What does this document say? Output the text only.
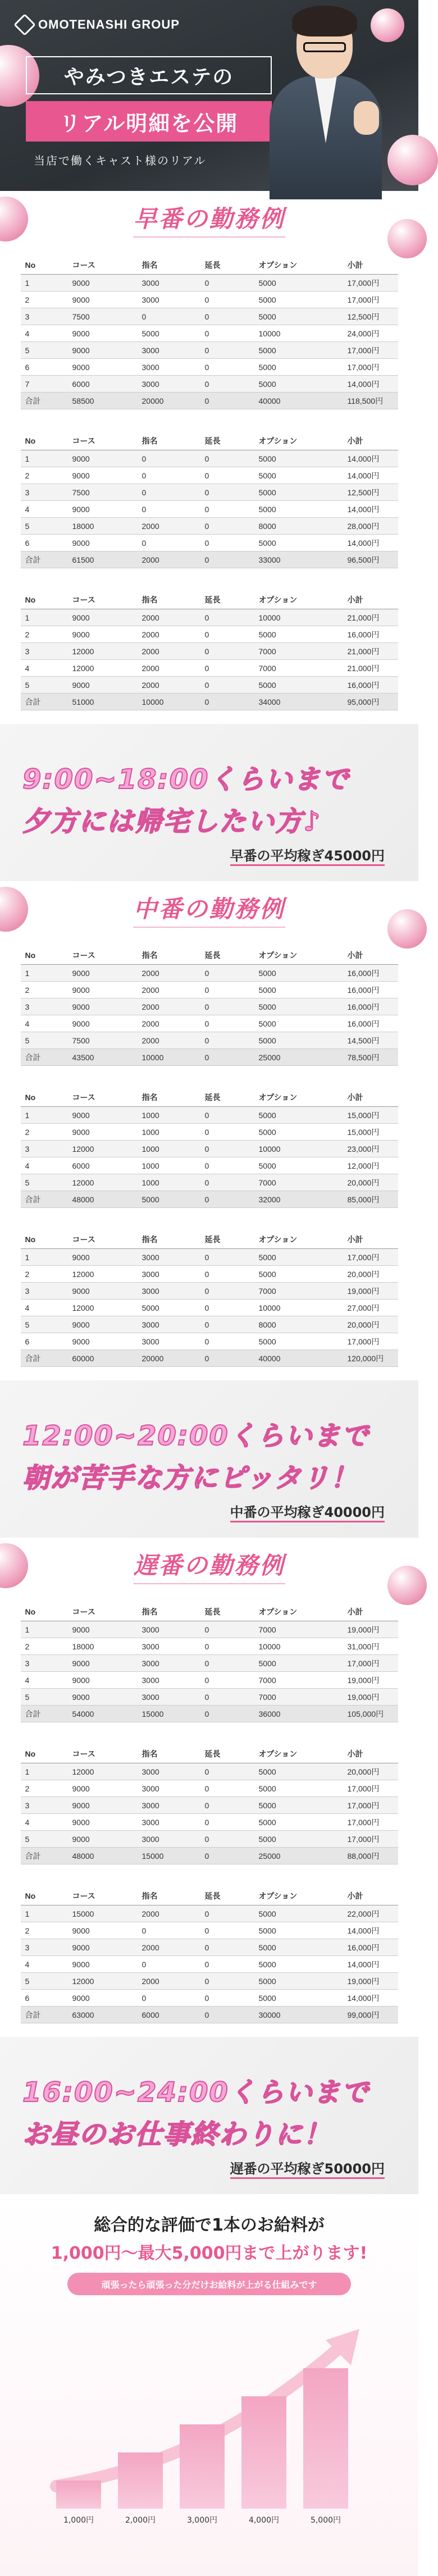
OMOTENASHI GROUP
やみつきエステの
リアル明細を公開
当店で働くキャスト様のリアル
早番の勤務例
No	コース	指名	延長	オプション	小計
1	9000	3000	0	5000	17,000円
2	9000	3000	0	5000	17,000円
3	7500	0	0	5000	12,500円
4	9000	5000	0	10000	24,000円
5	9000	3000	0	5000	17,000円
6	9000	3000	0	5000	17,000円
7	6000	3000	0	5000	14,000円
合計	58500	20000	0	40000	118,500円
No	コース	指名	延長	オプション	小計
1	9000	0	0	5000	14,000円
2	9000	0	0	5000	14,000円
3	7500	0	0	5000	12,500円
4	9000	0	0	5000	14,000円
5	18000	2000	0	8000	28,000円
6	9000	0	0	5000	14,000円
合計	61500	2000	0	33000	96,500円
No	コース	指名	延長	オプション	小計
1	9000	2000	0	10000	21,000円
2	9000	2000	0	5000	16,000円
3	12000	2000	0	7000	21,000円
4	12000	2000	0	7000	21,000円
5	9000	2000	0	5000	16,000円
合計	51000	10000	0	34000	95,000円
9:00~18:00くらいまで
夕方には帰宅したい方♪
早番の平均稼ぎ45000円
中番の勤務例
No	コース	指名	延長	オプション	小計
1	9000	2000	0	5000	16,000円
2	9000	2000	0	5000	16,000円
3	9000	2000	0	5000	16,000円
4	9000	2000	0	5000	16,000円
5	7500	2000	0	5000	14,500円
合計	43500	10000	0	25000	78,500円
No	コース	指名	延長	オプション	小計
1	9000	1000	0	5000	15,000円
2	9000	1000	0	5000	15,000円
3	12000	1000	0	10000	23,000円
4	6000	1000	0	5000	12,000円
5	12000	1000	0	7000	20,000円
合計	48000	5000	0	32000	85,000円
No	コース	指名	延長	オプション	小計
1	9000	3000	0	5000	17,000円
2	12000	3000	0	5000	20,000円
3	9000	3000	0	7000	19,000円
4	12000	5000	0	10000	27,000円
5	9000	3000	0	8000	20,000円
6	9000	3000	0	5000	17,000円
合計	60000	20000	0	40000	120,000円
12:00~20:00くらいまで
朝が苦手な方にピッタリ！
中番の平均稼ぎ40000円
遅番の勤務例
No	コース	指名	延長	オプション	小計
1	9000	3000	0	7000	19,000円
2	18000	3000	0	10000	31,000円
3	9000	3000	0	5000	17,000円
4	9000	3000	0	7000	19,000円
5	9000	3000	0	7000	19,000円
合計	54000	15000	0	36000	105,000円
No	コース	指名	延長	オプション	小計
1	12000	3000	0	5000	20,000円
2	9000	3000	0	5000	17,000円
3	9000	3000	0	5000	17,000円
4	9000	3000	0	5000	17,000円
5	9000	3000	0	5000	17,000円
合計	48000	15000	0	25000	88,000円
No	コース	指名	延長	オプション	小計
1	15000	2000	0	5000	22,000円
2	9000	0	0	5000	14,000円
3	9000	2000	0	5000	16,000円
4	9000	0	0	5000	14,000円
5	12000	2000	0	5000	19,000円
6	9000	0	0	5000	14,000円
合計	63000	6000	0	30000	99,000円
16:00~24:00くらいまで
お昼のお仕事終わりに！
遅番の平均稼ぎ50000円
総合的な評価で1本のお給料が
1,000円〜最大5,000円まで上がります!
頑張ったら頑張った分だけお給料が上がる仕組みです
1,000円	2,000円	3,000円	4,000円	5,000円
